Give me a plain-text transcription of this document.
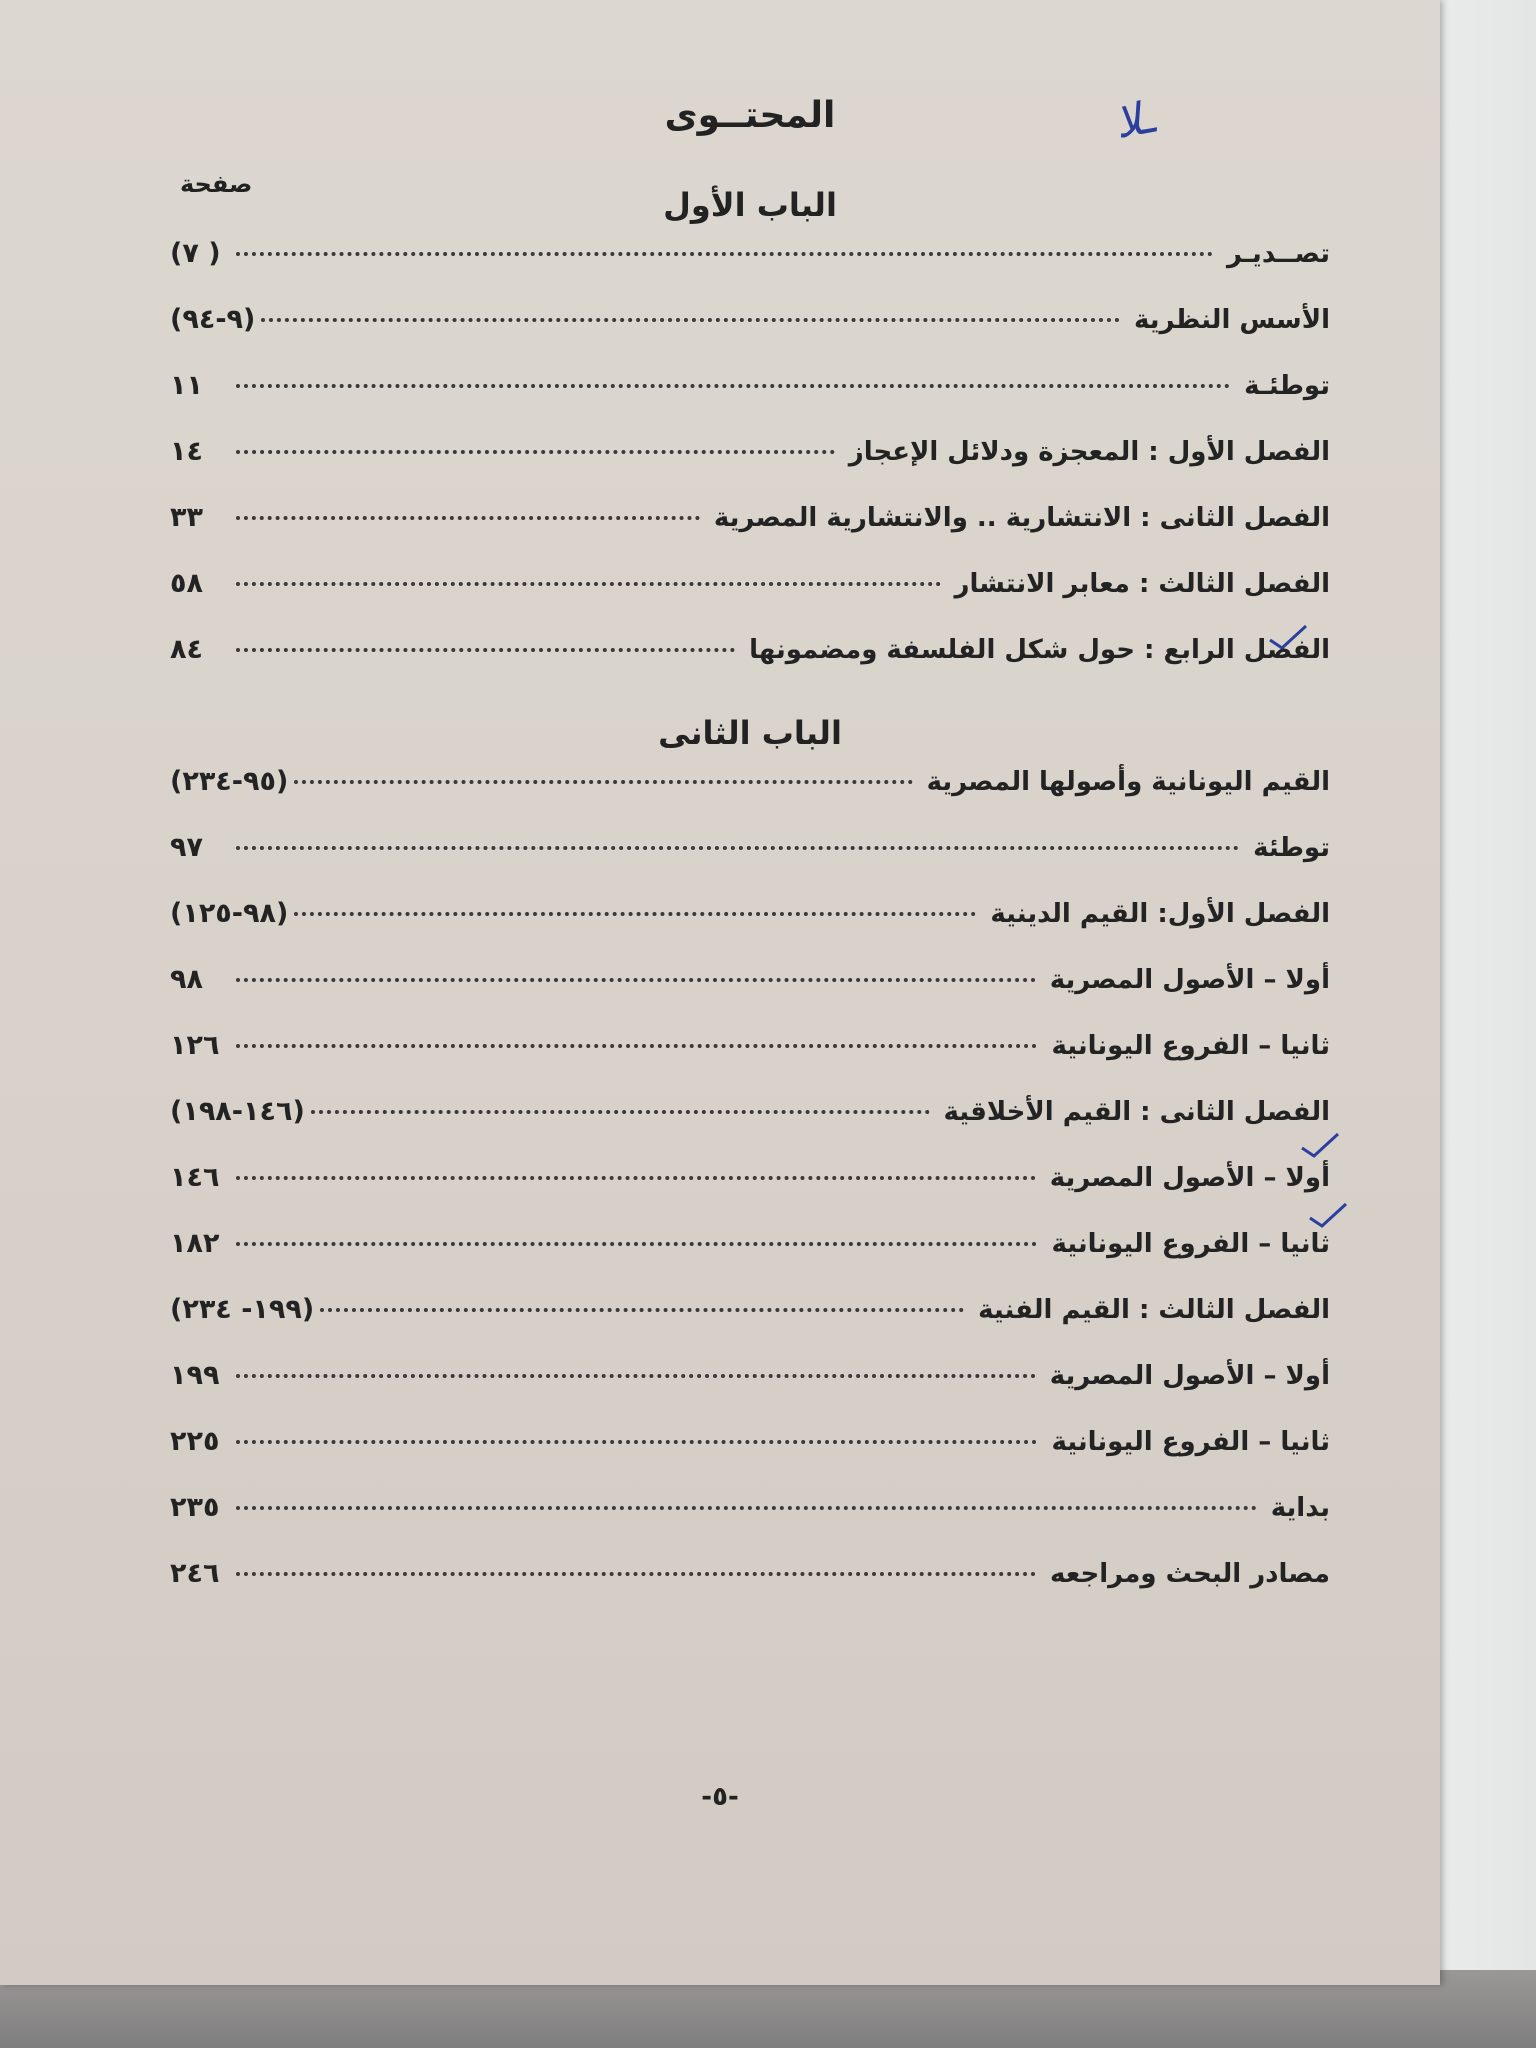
ـلا
المحتــوى
صفحة
الباب الأول
تصــديـر
( ٧)
الأسس النظرية
(٩-٩٤)
توطئـة
١١
الفصل الأول : المعجزة ودلائل الإعجاز
١٤
الفصل الثانى : الانتشارية .. والانتشارية المصرية
٣٣
الفصل الثالث : معابر الانتشار
٥٨
الفصل الرابع : حول شكل الفلسفة ومضمونها
٨٤
الباب الثانى
القيم اليونانية وأصولها المصرية
(٩٥-٢٣٤)
توطئة
٩٧
الفصل الأول: القيم الدينية
(٩٨-١٢٥)
أولا – الأصول المصرية
٩٨
ثانيا – الفروع اليونانية
١٢٦
الفصل الثانى : القيم الأخلاقية
(١٤٦-١٩٨)
أولا – الأصول المصرية
١٤٦
ثانيا – الفروع اليونانية
١٨٢
الفصل الثالث : القيم الفنية
(١٩٩- ٢٣٤)
أولا – الأصول المصرية
١٩٩
ثانيا – الفروع اليونانية
٢٢٥
بداية
٢٣٥
مصادر البحث ومراجعه
٢٤٦
-٥-
